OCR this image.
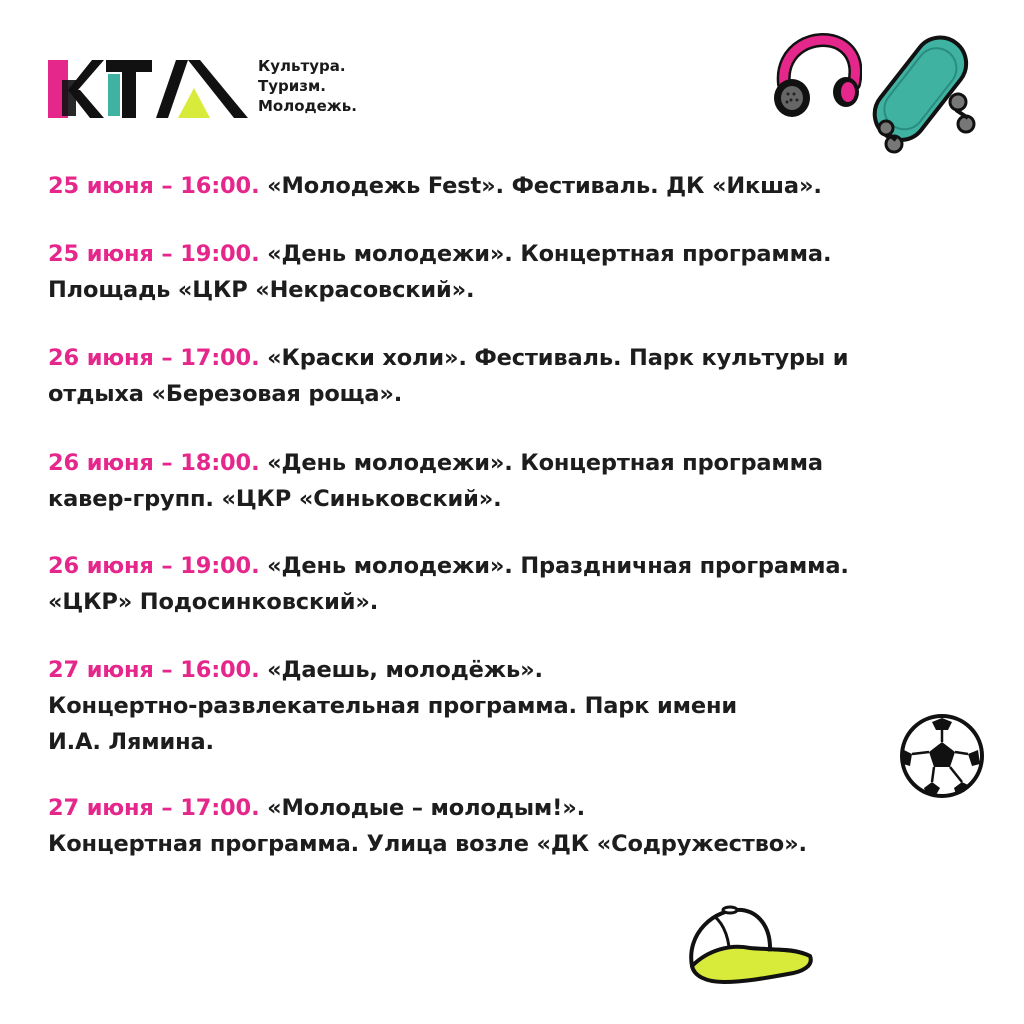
Культура.
Туризм.
Молодежь.

25 июня – 16:00. «Молодежь Fest». Фестиваль. ДК «Икша».

25 июня – 19:00. «День молодежи». Концертная программа.

Площадь «ЦКР «Некрасовский».

26 июня – 17:00. «Краски холи». Фестиваль. Парк культуры и

отдыха «Березовая роща».

26 июня – 18:00. «День молодежи». Концертная программа

кавер-групп. «ЦКР «Синьковский».

26 июня – 19:00. «День молодежи». Праздничная программа.

«ЦКР» Подосинковский».

27 июня – 16:00. «Даешь, молодёжь».

Концертно-развлекательная программа. Парк имени

И.А. Лямина.

27 июня – 17:00. «Молодые – молодым!».

Концертная программа. Улица возле «ДК «Содружество».
